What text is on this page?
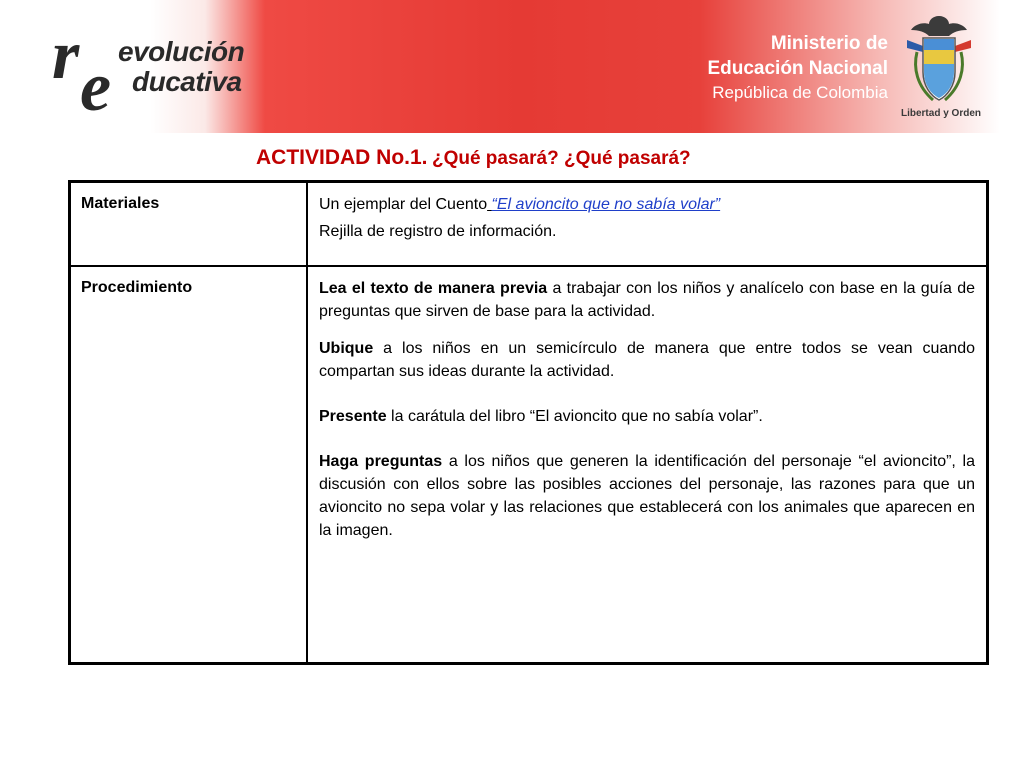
r e evolución
ducativa
Ministerio de
Educación Nacional
República de Colombia
Libertad y Orden
ACTIVIDAD No.1. ¿Qué pasará? ¿Qué pasará?
Materiales	Un ejemplar del Cuento “El avioncito que no sabía volar”
Rejilla de registro de información.

Procedimiento	Lea el texto de manera previa a trabajar con los niños y analícelo con base en la guía de preguntas que sirven de base para la actividad.

Ubique a los niños en un semicírculo de manera que entre todos se vean cuando compartan sus ideas durante la actividad.

Presente la carátula del libro “El avioncito que no sabía volar”.

Haga preguntas a los niños que generen la identificación del personaje “el avioncito”, la discusión con ellos sobre las posibles acciones del personaje, las razones para que un avioncito no sepa volar y las relaciones que establecerá con los animales que aparecen en la imagen.
